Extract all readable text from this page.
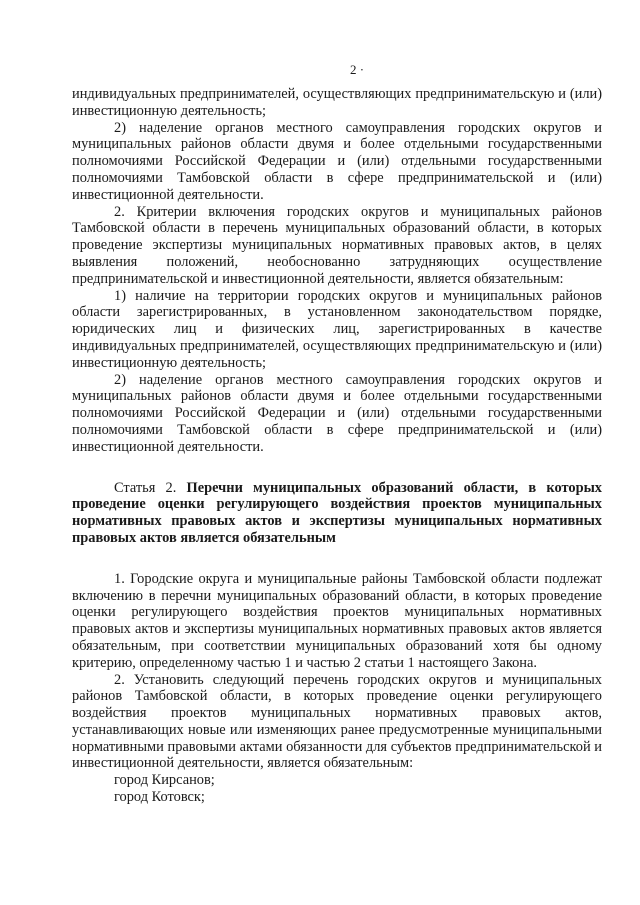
2 ·

индивидуальных предпринимателей, осуществляющих предпринимательскую и (или) инвестиционную деятельность;

2) наделение органов местного самоуправления городских округов и муниципальных районов области двумя и более отдельными государственными полномочиями Российской Федерации и (или) отдельными государственными полномочиями Тамбовской области в сфере предпринимательской и (или) инвестиционной деятельности.

2. Критерии включения городских округов и муниципальных районов Тамбовской области в перечень муниципальных образований области, в которых проведение экспертизы муниципальных нормативных правовых актов, в целях выявления положений, необоснованно затрудняющих осуществление предпринимательской и инвестиционной деятельности, является обязательным:

1) наличие на территории городских округов и муниципальных районов области зарегистрированных, в установленном законодательством порядке, юридических лиц и физических лиц, зарегистрированных в качестве индивидуальных предпринимателей, осуществляющих предпринимательскую и (или) инвестиционную деятельность;

2) наделение органов местного самоуправления городских округов и муниципальных районов области двумя и более отдельными государственными полномочиями Российской Федерации и (или) отдельными государственными полномочиями Тамбовской области в сфере предпринимательской и (или) инвестиционной деятельности.

Статья 2. Перечни муниципальных образований области, в которых проведение оценки регулирующего воздействия проектов муниципальных нормативных правовых актов и экспертизы муниципальных нормативных правовых актов является обязательным

1. Городские округа и муниципальные районы Тамбовской области подлежат включению в перечни муниципальных образований области, в которых проведение оценки регулирующего воздействия проектов муниципальных нормативных правовых актов и экспертизы муниципальных нормативных правовых актов является обязательным, при соответствии муниципальных образований хотя бы одному критерию, определенному частью 1 и частью 2 статьи 1 настоящего Закона.

2. Установить следующий перечень городских округов и муниципальных районов Тамбовской области, в которых проведение оценки регулирующего воздействия проектов муниципальных нормативных правовых актов, устанавливающих новые или изменяющих ранее предусмотренные муниципальными нормативными правовыми актами обязанности для субъектов предпринимательской и инвестиционной деятельности, является обязательным:

город Кирсанов;

город Котовск;
